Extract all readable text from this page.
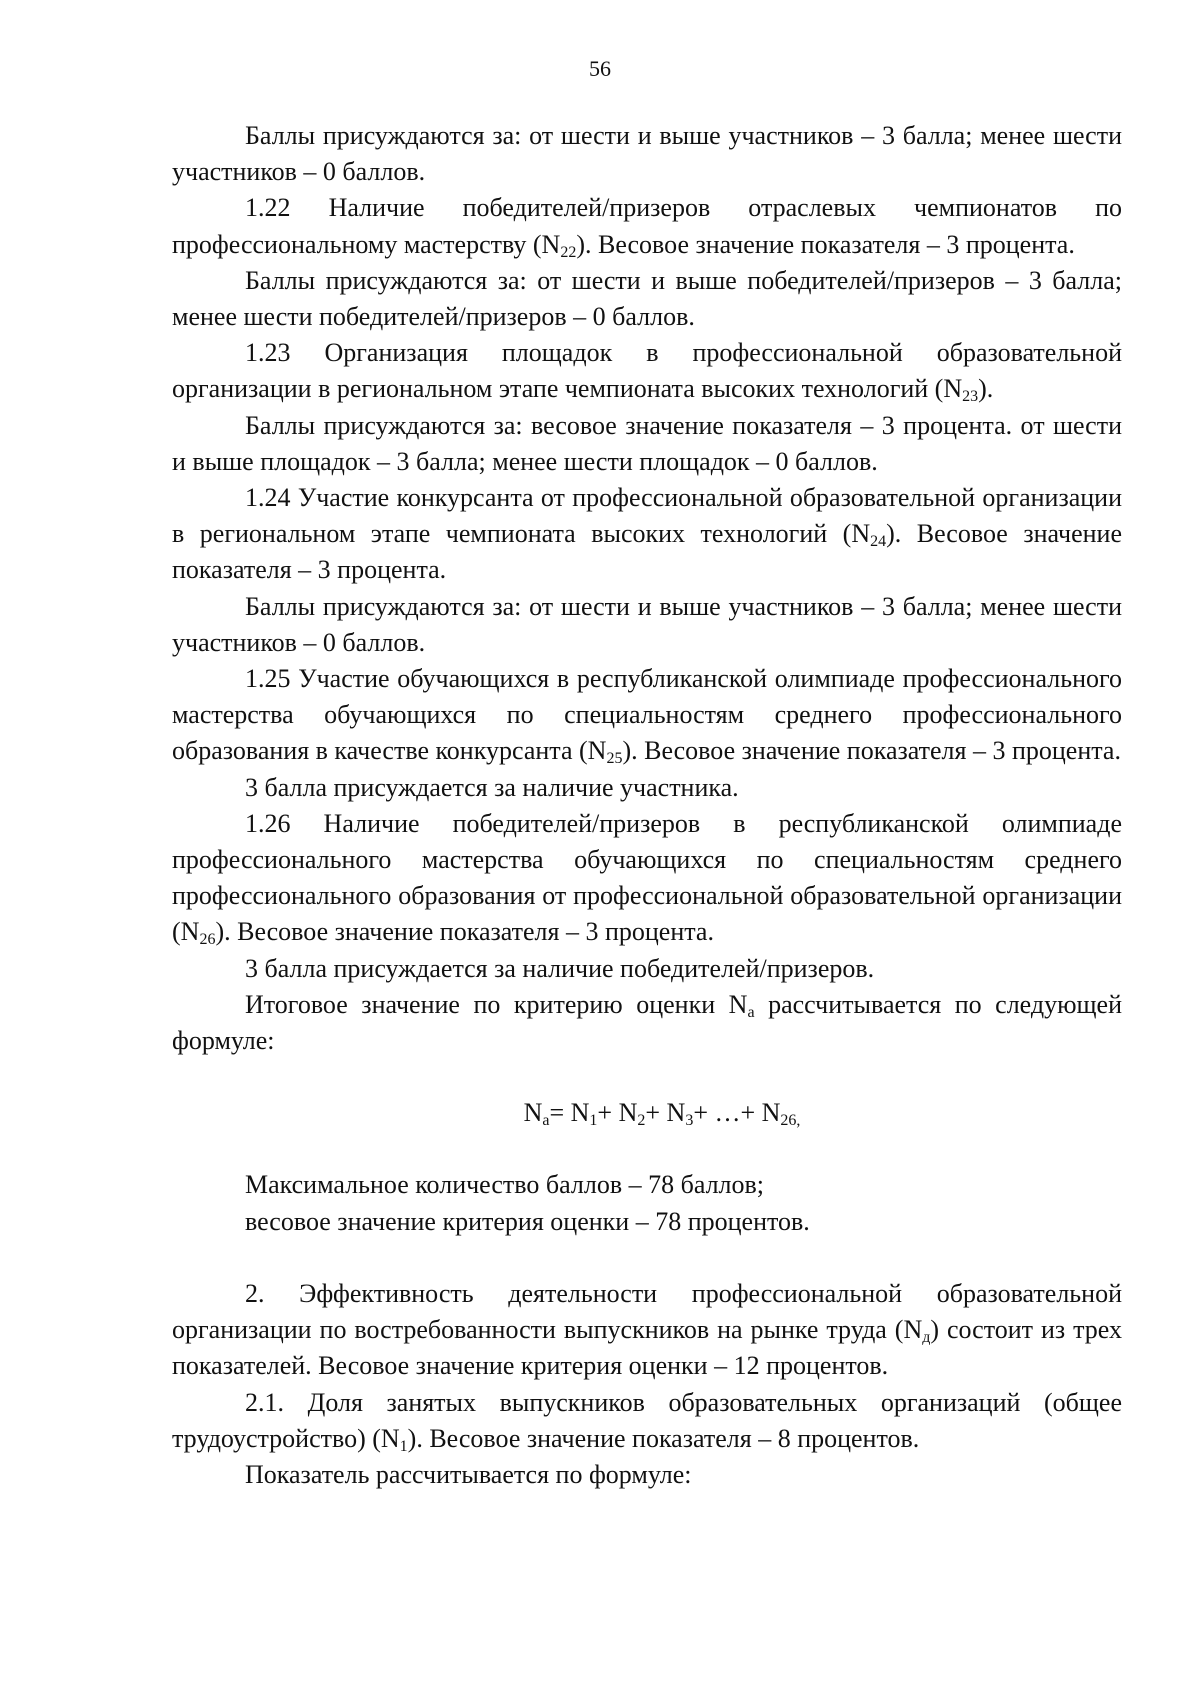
56

Баллы присуждаются за: от шести и выше участников – 3 балла; менее шести участников – 0 баллов.

1.22 Наличие победителей/призеров отраслевых чемпионатов по профессиональному мастерству $(N_{22})$. Весовое значение показателя – 3 процента.

Баллы присуждаются за: от шести и выше победителей/призеров – 3 балла; менее шести победителей/призеров – 0 баллов.

1.23 Организация площадок в профессиональной образовательной организации в региональном этапе чемпионата высоких технологий $(N_{23})$.

Баллы присуждаются за: весовое значение показателя – 3 процента. от шести и выше площадок – 3 балла; менее шести площадок – 0 баллов.

1.24 Участие конкурсанта от профессиональной образовательной организации в региональном этапе чемпионата высоких технологий $(N_{24})$. Весовое значение показателя – 3 процента.

Баллы присуждаются за: от шести и выше участников – 3 балла; менее шести участников – 0 баллов.

1.25 Участие обучающихся в республиканской олимпиаде профессионального мастерства обучающихся по специальностям среднего профессионального образования в качестве конкурсанта $(N_{25})$. Весовое значение показателя – 3 процента.

3 балла присуждается за наличие участника.

1.26 Наличие победителей/призеров в республиканской олимпиаде профессионального мастерства обучающихся по специальностям среднего профессионального образования от профессиональной образовательной организации $(N_{26})$. Весовое значение показателя – 3 процента.

3 балла присуждается за наличие победителей/призеров.

Итоговое значение по критерию оценки $N_а$ рассчитывается по следующей формуле:

$N_а= N_1+ N_2+ N_3+$ …+ $N_{26,}$

Максимальное количество баллов – 78 баллов;

весовое значение критерия оценки – 78 процентов.

2. Эффективность деятельности профессиональной образовательной организации по востребованности выпускников на рынке труда $(N_д)$ состоит из трех показателей. Весовое значение критерия оценки – 12 процентов.

2.1. Доля занятых выпускников образовательных организаций (общее трудоустройство) $(N_1)$. Весовое значение показателя – 8 процентов.

Показатель рассчитывается по формуле:
